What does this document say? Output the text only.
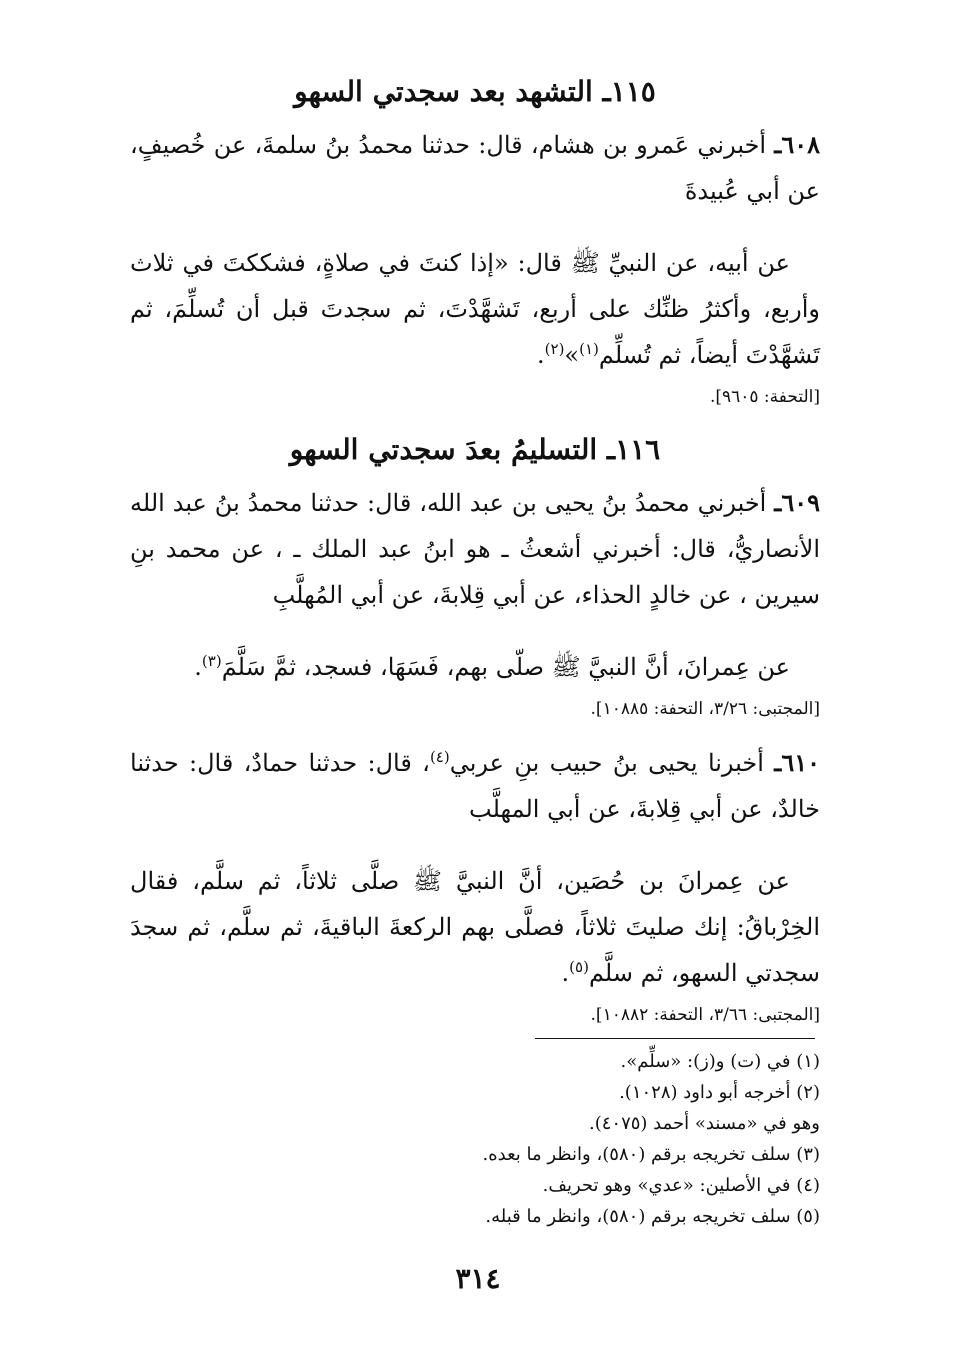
١١٥ـ التشهد بعد سجدتي السهو

٦٠٨ـ أخبرني عَمرو بن هشام، قال: حدثنا محمدُ بنُ سلمةَ، عن خُصيفٍ، عن أبي عُبيدةَ

عن أبيه، عن النبيِّ ﷺ قال: «إذا كنتَ في صلاةٍ، فشككتَ في ثلاث وأربع، وأكثرُ ظنِّك على أربع، تَشهَّدْتَ، ثم سجدتَ قبل أن تُسلِّمَ، ثم تَشهَّدْتَ أيضاً، ثم تُسلِّم$^{(١)}$»$^{(٢)}$.

[التحفة: ٩٦٠٥].

١١٦ـ التسليمُ بعدَ سجدتي السهو

٦٠٩ـ أخبرني محمدُ بنُ يحيى بن عبد الله، قال: حدثنا محمدُ بنُ عبد الله الأنصاريُّ، قال: أخبرني أشعثُ ـ هو ابنُ عبد الملك ـ ، عن محمد بنِ سيرين ، عن خالدٍ الحذاء، عن أبي قِلابةَ، عن أبي المُهلَّبِ

عن عِمرانَ، أنَّ النبيَّ ﷺ صلّى بهم، فَسَهَا، فسجد، ثمَّ سَلَّمَ$^{(٣)}$.

[المجتبى: ٣/٢٦، التحفة: ١٠٨٨٥].

٦١٠ـ أخبرنا يحيى بنُ حبيب بنِ عربي$^{(٤)}$، قال: حدثنا حمادٌ، قال: حدثنا خالدٌ، عن أبي قِلابةَ، عن أبي المهلَّب

عن عِمرانَ بن حُصَين، أنَّ النبيَّ ﷺ صلَّى ثلاثاً، ثم سلَّم، فقال الخِرْباقُ: إنك صليتَ ثلاثاً، فصلَّى بهم الركعةَ الباقيةَ، ثم سلَّم، ثم سجدَ سجدتي السهو، ثم سلَّم$^{(٥)}$.

[المجتبى: ٣/٦٦، التحفة: ١٠٨٨٢].

(١) في (ت) و(ز): «سلِّم».
(٢) أخرجه أبو داود (١٠٢٨).
وهو في «مسند» أحمد (٤٠٧٥).
(٣) سلف تخريجه برقم (٥٨٠)، وانظر ما بعده.
(٤) في الأصلين: «عدي» وهو تحريف.
(٥) سلف تخريجه برقم (٥٨٠)، وانظر ما قبله.
٣١٤
